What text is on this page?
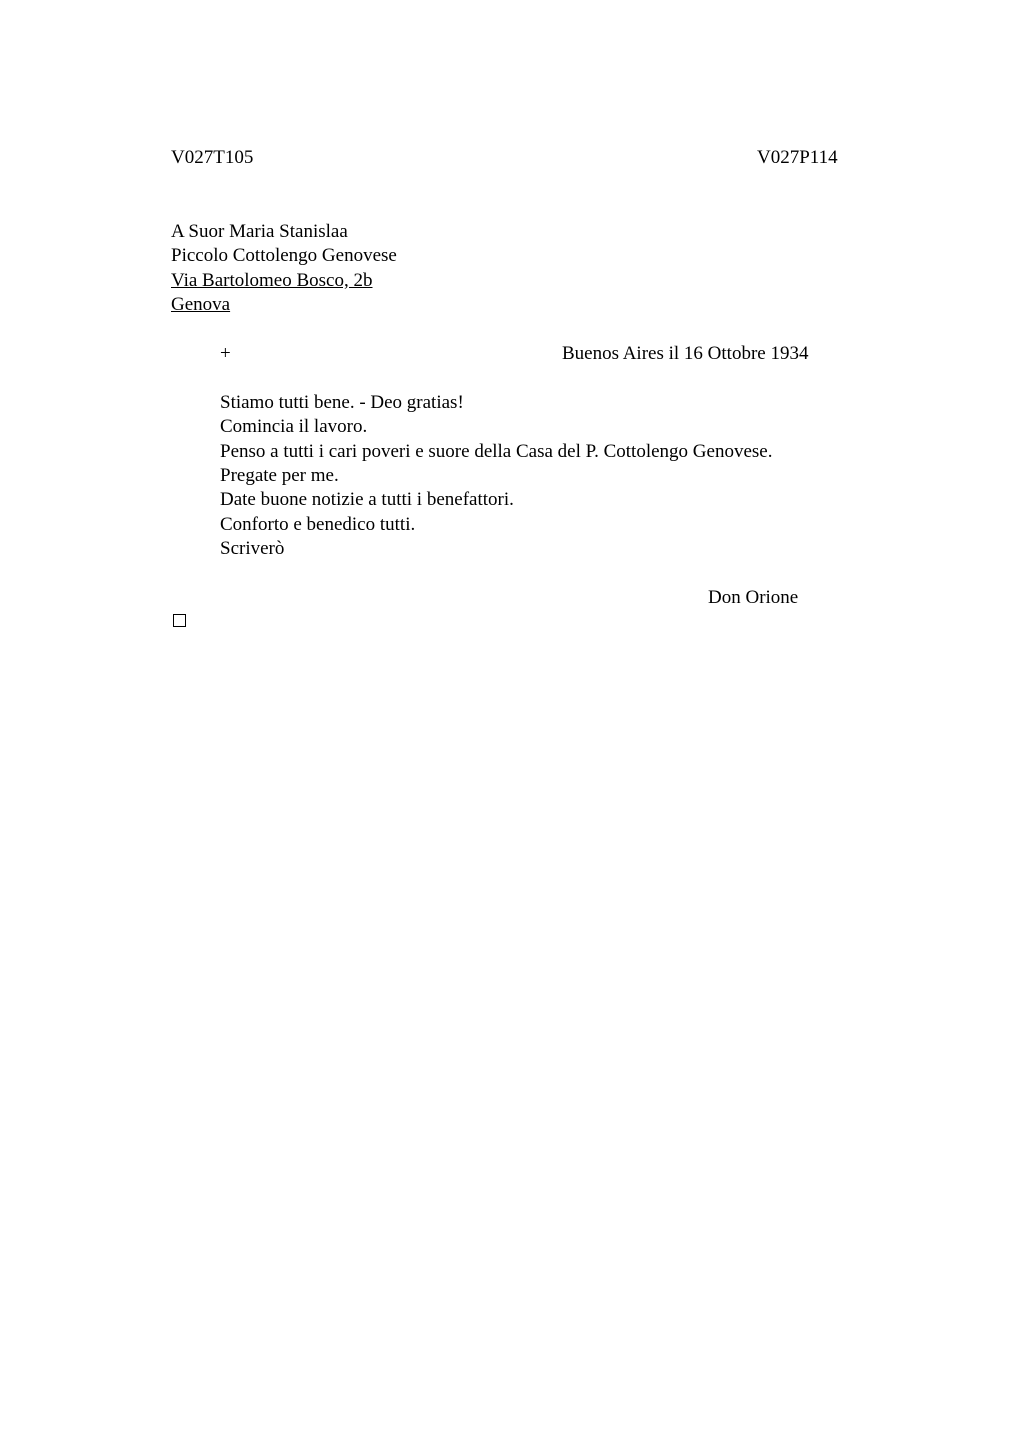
V027T105	V027P114

A Suor Maria Stanislaa

Piccolo Cottolengo Genovese

Via Bartolomeo Bosco, 2b

Genova

+	Buenos Aires il 16 Ottobre 1934

Stiamo tutti bene. - Deo gratias!

Comincia il lavoro.

Penso a tutti i cari poveri e suore della Casa del P. Cottolengo Genovese.

Pregate per me.

Date buone notizie a tutti i benefattori.

Conforto e benedico tutti.

Scriverò

Don Orione
